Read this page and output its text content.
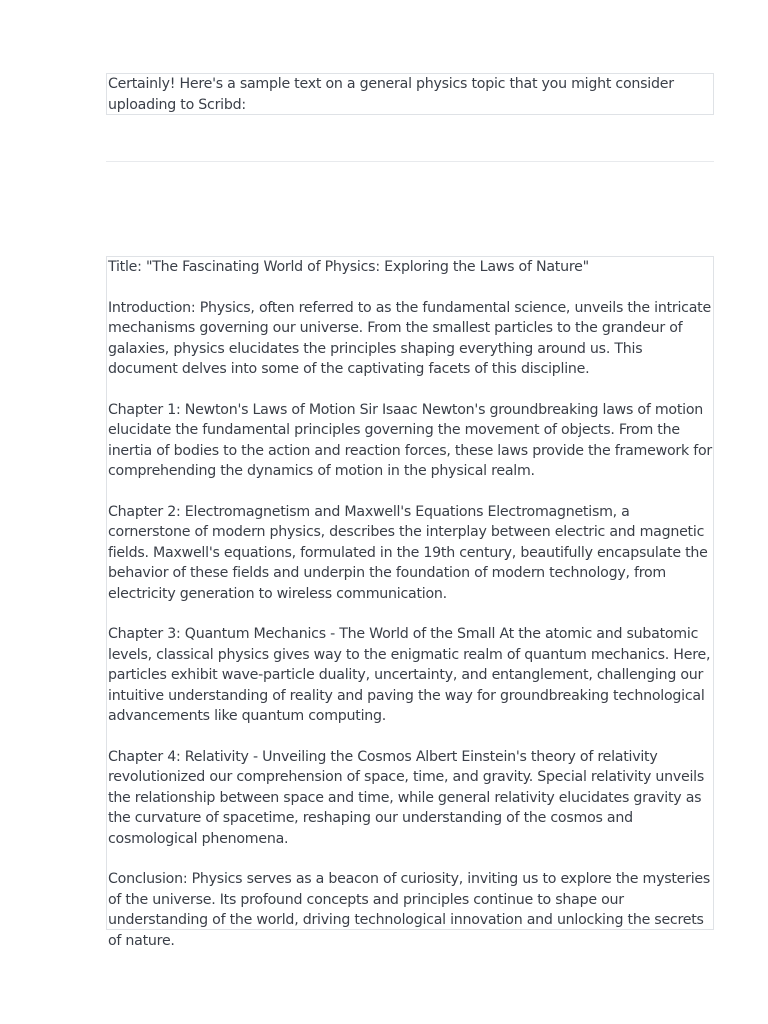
Certainly! Here's a sample text on a general physics topic that you might consider uploading to Scribd:

Title: "The Fascinating World of Physics: Exploring the Laws of Nature"

Introduction: Physics, often referred to as the fundamental science, unveils the intricate mechanisms governing our universe. From the smallest particles to the grandeur of galaxies, physics elucidates the principles shaping everything around us. This document delves into some of the captivating facets of this discipline.

Chapter 1: Newton's Laws of Motion Sir Isaac Newton's groundbreaking laws of motion elucidate the fundamental principles governing the movement of objects. From the inertia of bodies to the action and reaction forces, these laws provide the framework for comprehending the dynamics of motion in the physical realm.

Chapter 2: Electromagnetism and Maxwell's Equations Electromagnetism, a cornerstone of modern physics, describes the interplay between electric and magnetic fields. Maxwell's equations, formulated in the 19th century, beautifully encapsulate the behavior of these fields and underpin the foundation of modern technology, from electricity generation to wireless communication.

Chapter 3: Quantum Mechanics - The World of the Small At the atomic and subatomic levels, classical physics gives way to the enigmatic realm of quantum mechanics. Here, particles exhibit wave-particle duality, uncertainty, and entanglement, challenging our intuitive understanding of reality and paving the way for groundbreaking technological advancements like quantum computing.

Chapter 4: Relativity - Unveiling the Cosmos Albert Einstein's theory of relativity revolutionized our comprehension of space, time, and gravity. Special relativity unveils the relationship between space and time, while general relativity elucidates gravity as the curvature of spacetime, reshaping our understanding of the cosmos and cosmological phenomena.

Conclusion: Physics serves as a beacon of curiosity, inviting us to explore the mysteries of the universe. Its profound concepts and principles continue to shape our understanding of the world, driving technological innovation and unlocking the secrets of nature.
